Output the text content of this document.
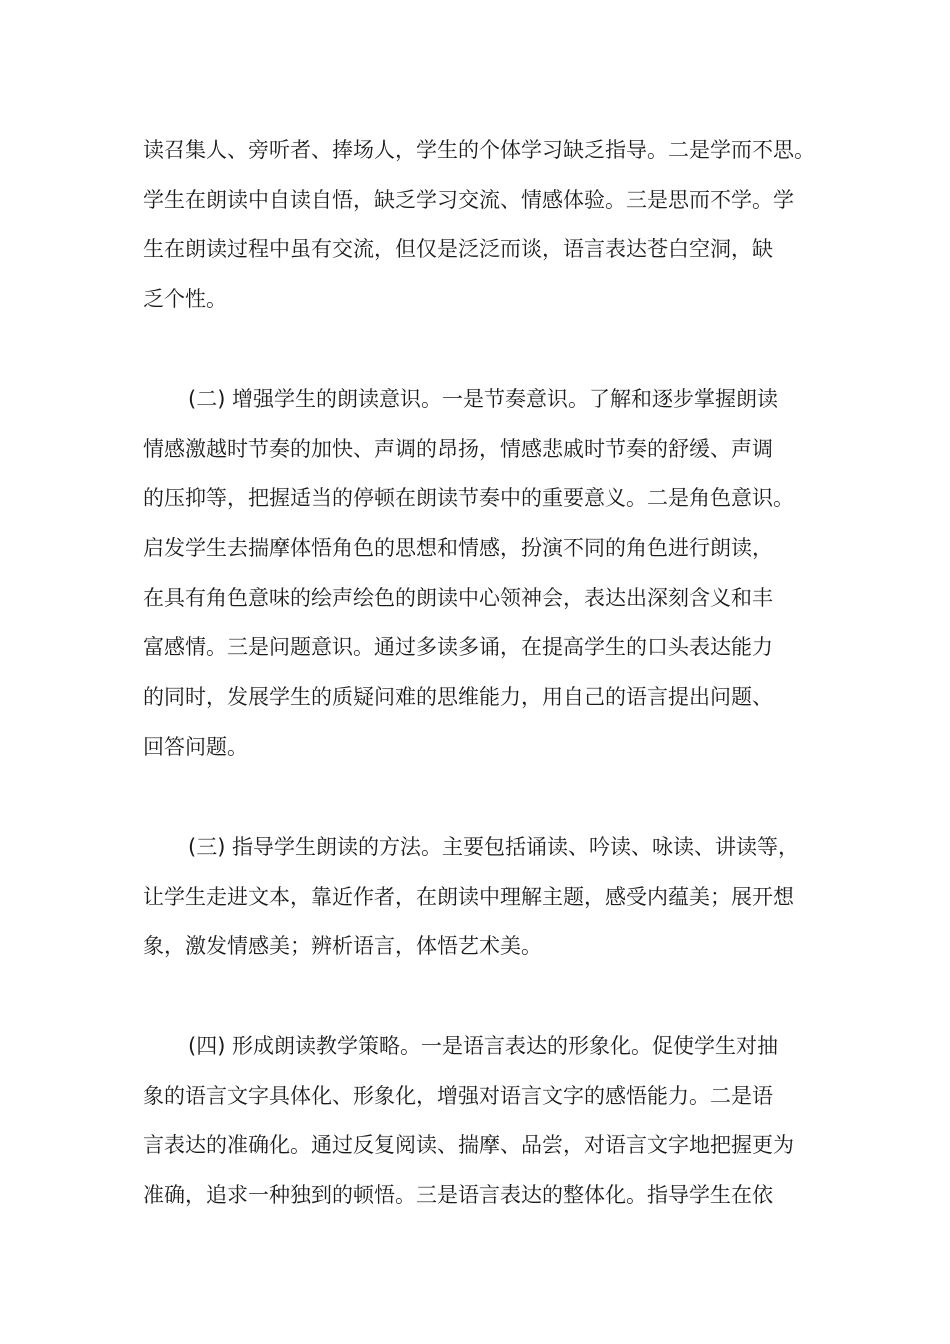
读召集人、旁听者、捧场人，学生的个体学习缺乏指导。二是学而不思。
学生在朗读中自读自悟，缺乏学习交流、情感体验。三是思而不学。学
生在朗读过程中虽有交流，但仅是泛泛而谈，语言表达苍白空洞，缺
乏个性。
(二) 增强学生的朗读意识。一是节奏意识。了解和逐步掌握朗读
情感激越时节奏的加快、声调的昂扬，情感悲戚时节奏的舒缓、声调
的压抑等，把握适当的停顿在朗读节奏中的重要意义。二是角色意识。
启发学生去揣摩体悟角色的思想和情感，扮演不同的角色进行朗读，
在具有角色意味的绘声绘色的朗读中心领神会，表达出深刻含义和丰
富感情。三是问题意识。通过多读多诵，在提高学生的口头表达能力
的同时，发展学生的质疑问难的思维能力，用自己的语言提出问题、
回答问题。
(三) 指导学生朗读的方法。主要包括诵读、吟读、咏读、讲读等，
让学生走进文本，靠近作者，在朗读中理解主题，感受内蕴美；展开想
象，激发情感美；辨析语言，体悟艺术美。
(四) 形成朗读教学策略。一是语言表达的形象化。促使学生对抽
象的语言文字具体化、形象化，增强对语言文字的感悟能力。二是语
言表达的准确化。通过反复阅读、揣摩、品尝，对语言文字地把握更为
准确，追求一种独到的顿悟。三是语言表达的整体化。指导学生在依
